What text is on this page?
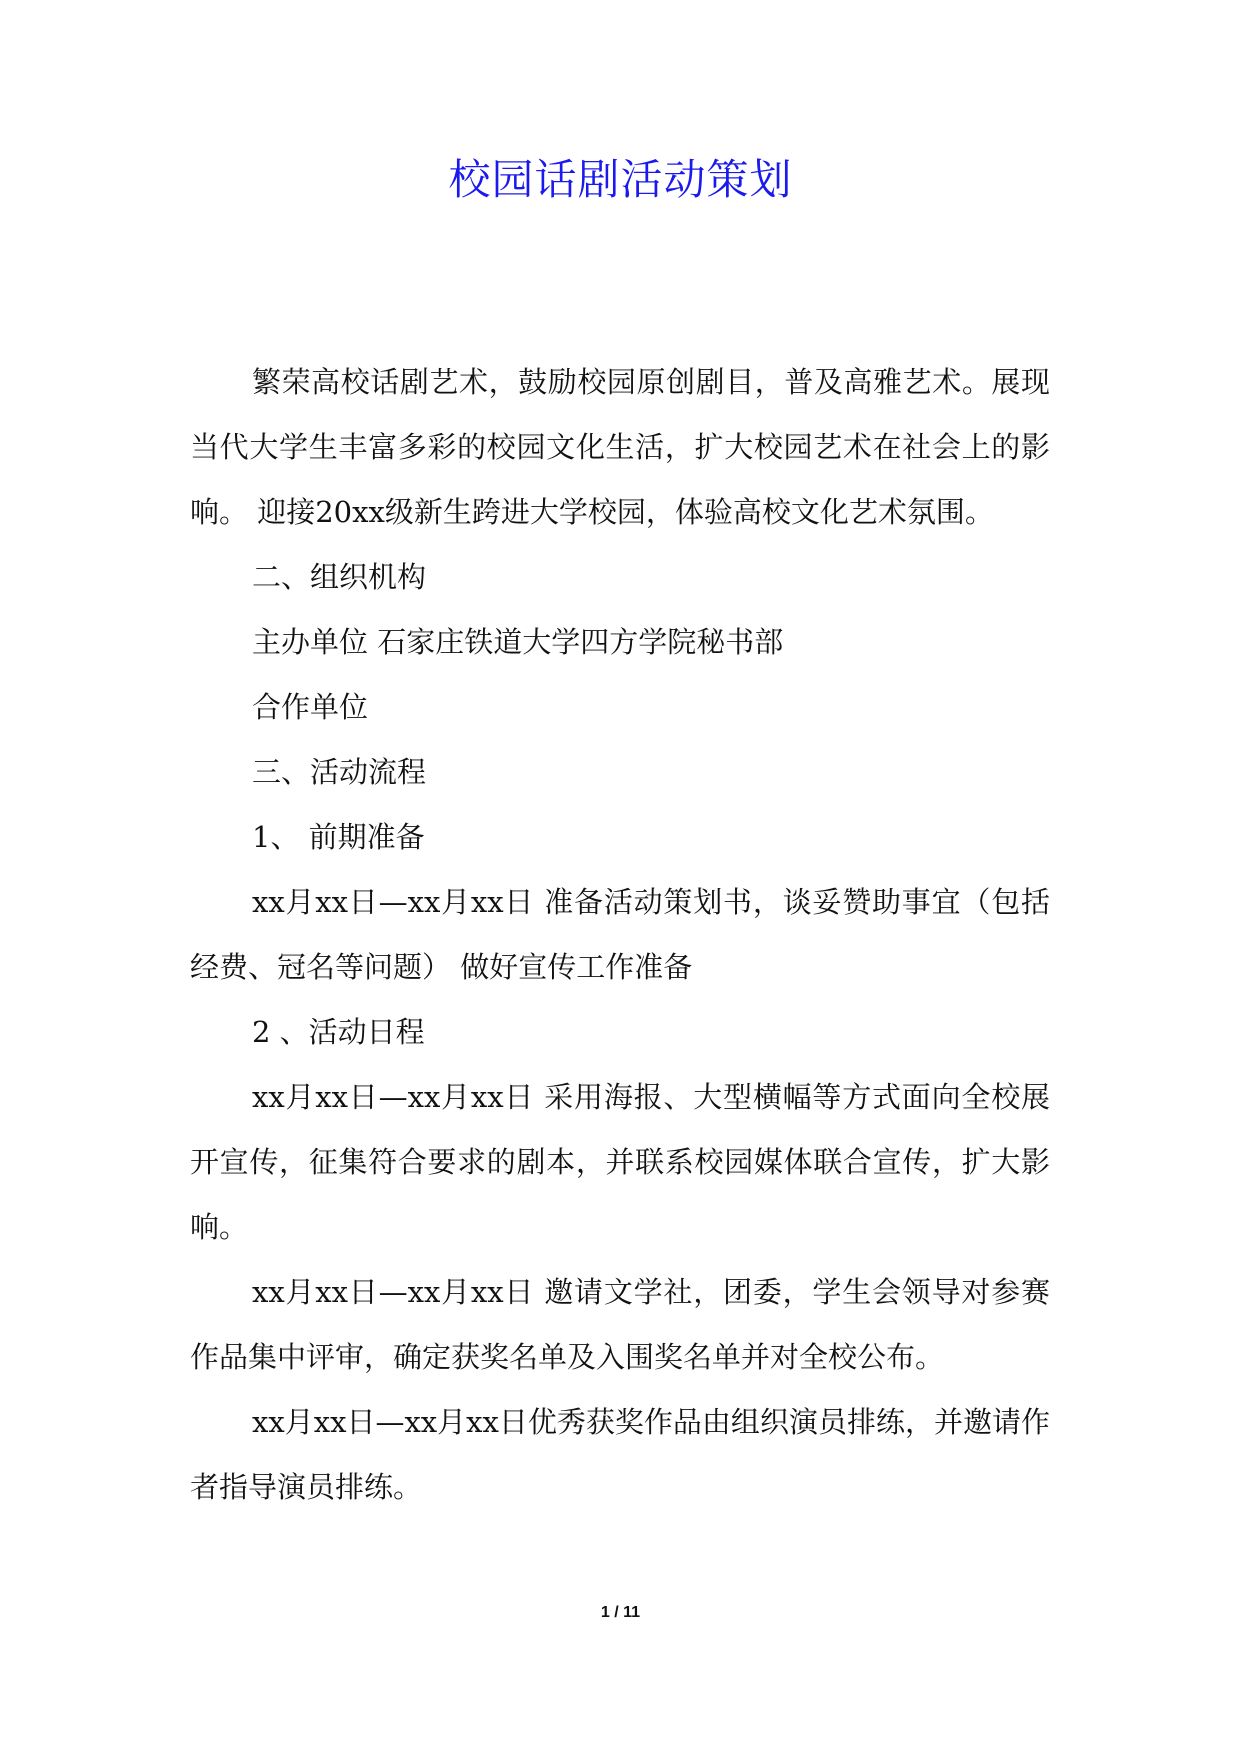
校园话剧活动策划

繁荣高校话剧艺术，鼓励校园原创剧目，普及高雅艺术。展现当代大学生丰富多彩的校园文化生活，扩大校园艺术在社会上的影响。 迎接20xx级新生跨进大学校园，体验高校文化艺术氛围。

二、组织机构

主办单位 石家庄铁道大学四方学院秘书部

合作单位

三、活动流程

1、 前期准备

xx月xx日—xx月xx日 准备活动策划书，谈妥赞助事宜（包括经费、冠名等问题） 做好宣传工作准备

2 、活动日程

xx月xx日—xx月xx日 采用海报、大型横幅等方式面向全校展开宣传，征集符合要求的剧本，并联系校园媒体联合宣传，扩大影响。

xx月xx日—xx月xx日 邀请文学社，团委，学生会领导对参赛作品集中评审，确定获奖名单及入围奖名单并对全校公布。

xx月xx日—xx月xx日优秀获奖作品由组织演员排练，并邀请作者指导演员排练。

1 / 11
